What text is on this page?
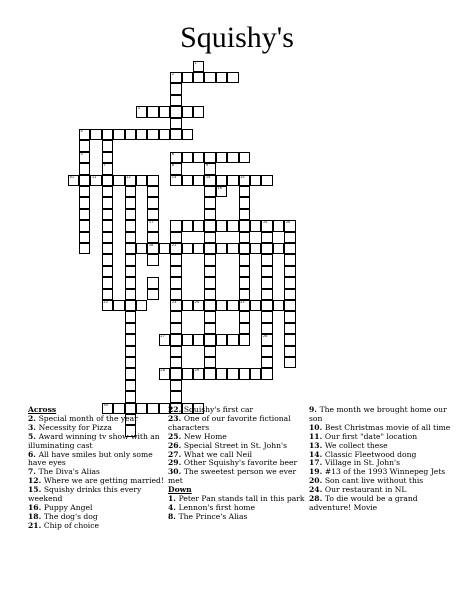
Squishy's
2
3
4
5	6
7	8
10	11	12	13	14	15
17	19	20
18	21
22	23	24	25
27	26
28	29
30
1
9
16
Across
2. Special month of the year
3. Necessity for Pizza
5. Award winning tv show with an illuminating cast
6. All have smiles but only some have eyes
7. The Diva's Alias
12. Where we are getting married!
15. Squishy drinks this every weekend
16. Puppy Angel
18. The dog's dog
21. Chip of choice
22. Squishy's first car
23. One of our favorite fictional characters
25. New Home
26. Special Street in St. John's
27. What we call Neil
29. Other Squishy's favorite beer
30. The sweetest person we ever met
Down
1. Peter Pan stands tall in this park
4. Lennon's first home
8. The Prince's Alias
9. The month we brought home our son
10. Best Christmas movie of all time
11. Our first "date" location
13. We collect these
14. Classic Fleetwood dong
17. Village in St. John's
19. #13 of the 1993 Winnepeg Jets
20. Son cant live without this
24. Our restaurant in NL
28. To die would be a grand adventure! Movie
